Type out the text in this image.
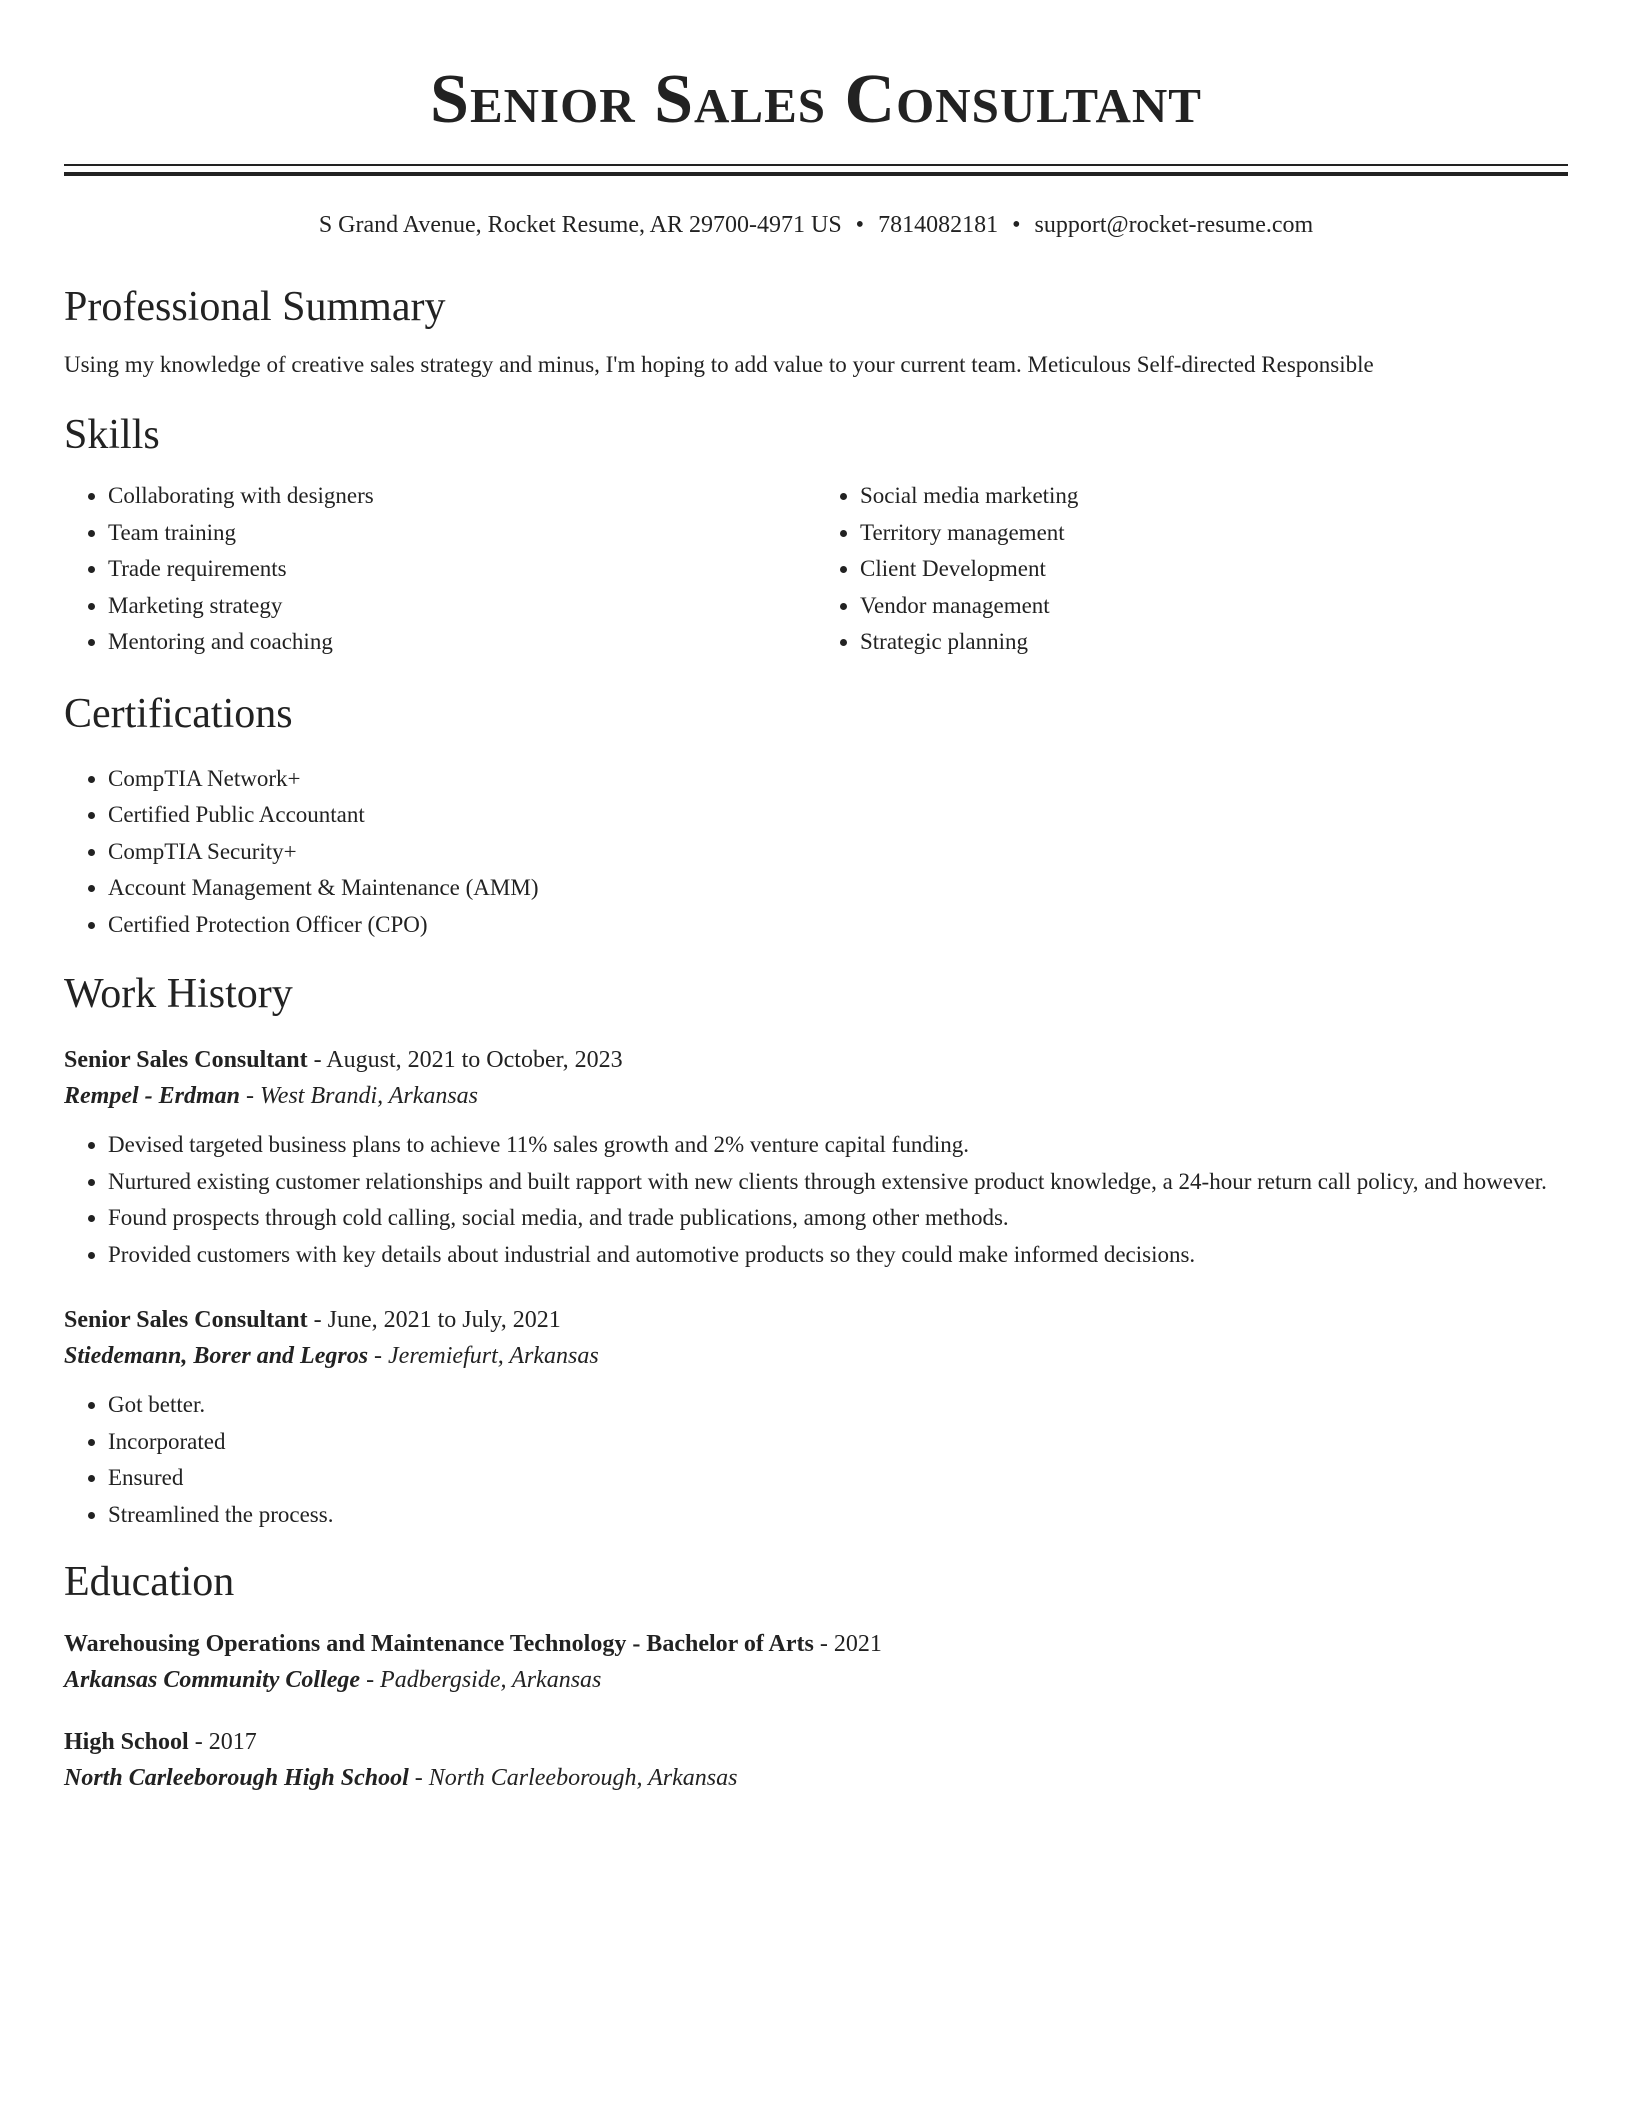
Senior Sales Consultant
S Grand Avenue, Rocket Resume, AR 29700-4971 US • 7814082181 • support@rocket-resume.com
Professional Summary
Using my knowledge of creative sales strategy and minus, I'm hoping to add value to your current team. Meticulous Self-directed Responsible
Skills
• Collaborating with designers
• Team training
• Trade requirements
• Marketing strategy
• Mentoring and coaching
• Social media marketing
• Territory management
• Client Development
• Vendor management
• Strategic planning
Certifications
• CompTIA Network+
• Certified Public Accountant
• CompTIA Security+
• Account Management & Maintenance (AMM)
• Certified Protection Officer (CPO)
Work History
Senior Sales Consultant - August, 2021 to October, 2023
Rempel - Erdman - West Brandi, Arkansas
• Devised targeted business plans to achieve 11% sales growth and 2% venture capital funding.
• Nurtured existing customer relationships and built rapport with new clients through extensive product knowledge, a 24-hour return call policy, and however.
• Found prospects through cold calling, social media, and trade publications, among other methods.
• Provided customers with key details about industrial and automotive products so they could make informed decisions.
Senior Sales Consultant - June, 2021 to July, 2021
Stiedemann, Borer and Legros - Jeremiefurt, Arkansas
• Got better.
• Incorporated
• Ensured
• Streamlined the process.
Education
Warehousing Operations and Maintenance Technology - Bachelor of Arts - 2021
Arkansas Community College - Padbergside, Arkansas
High School - 2017
North Carleeborough High School - North Carleeborough, Arkansas
